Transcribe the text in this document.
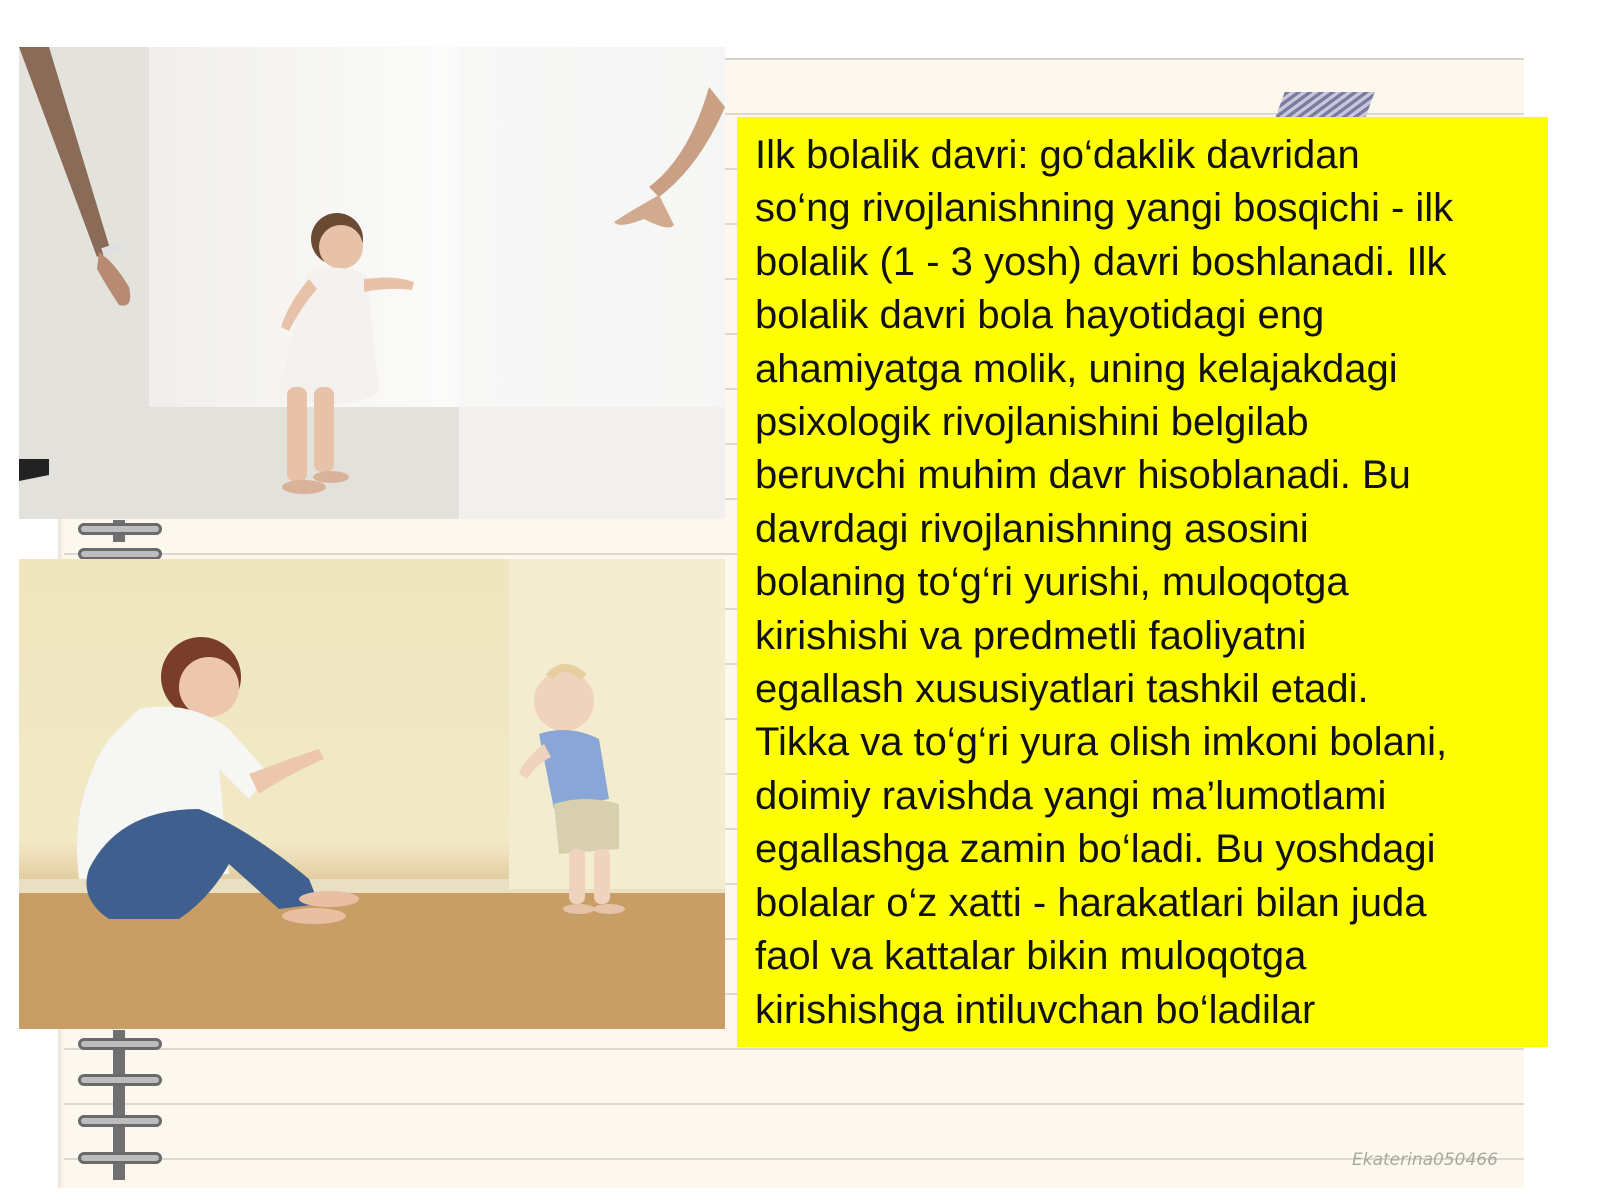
Ilk bolalik davri: go‘daklik davridan
so‘ng rivojlanishning yangi bosqichi - ilk
bolalik (1 - 3 yosh) davri boshlanadi. Ilk
bolalik davri bola hayotidagi eng
ahamiyatga molik, uning kelajakdagi
psixologik rivojlanishini belgilab
beruvchi muhim davr hisoblanadi. Bu
davrdagi rivojlanishning asosini
bolaning to‘g‘ri yurishi, muloqotga
kirishishi va predmetli faoliyatni
egallash xususiyatlari tashkil etadi.
Tikka va to‘g‘ri yura olish imkoni bolani,
doimiy ravishda yangi ma’lumotlami
egallashga zamin bo‘ladi. Bu yoshdagi
bolalar o‘z xatti - harakatlari bilan juda
faol va kattalar bikin muloqotga
kirishishga intiluvchan bo‘ladilar

Ekaterina050466
